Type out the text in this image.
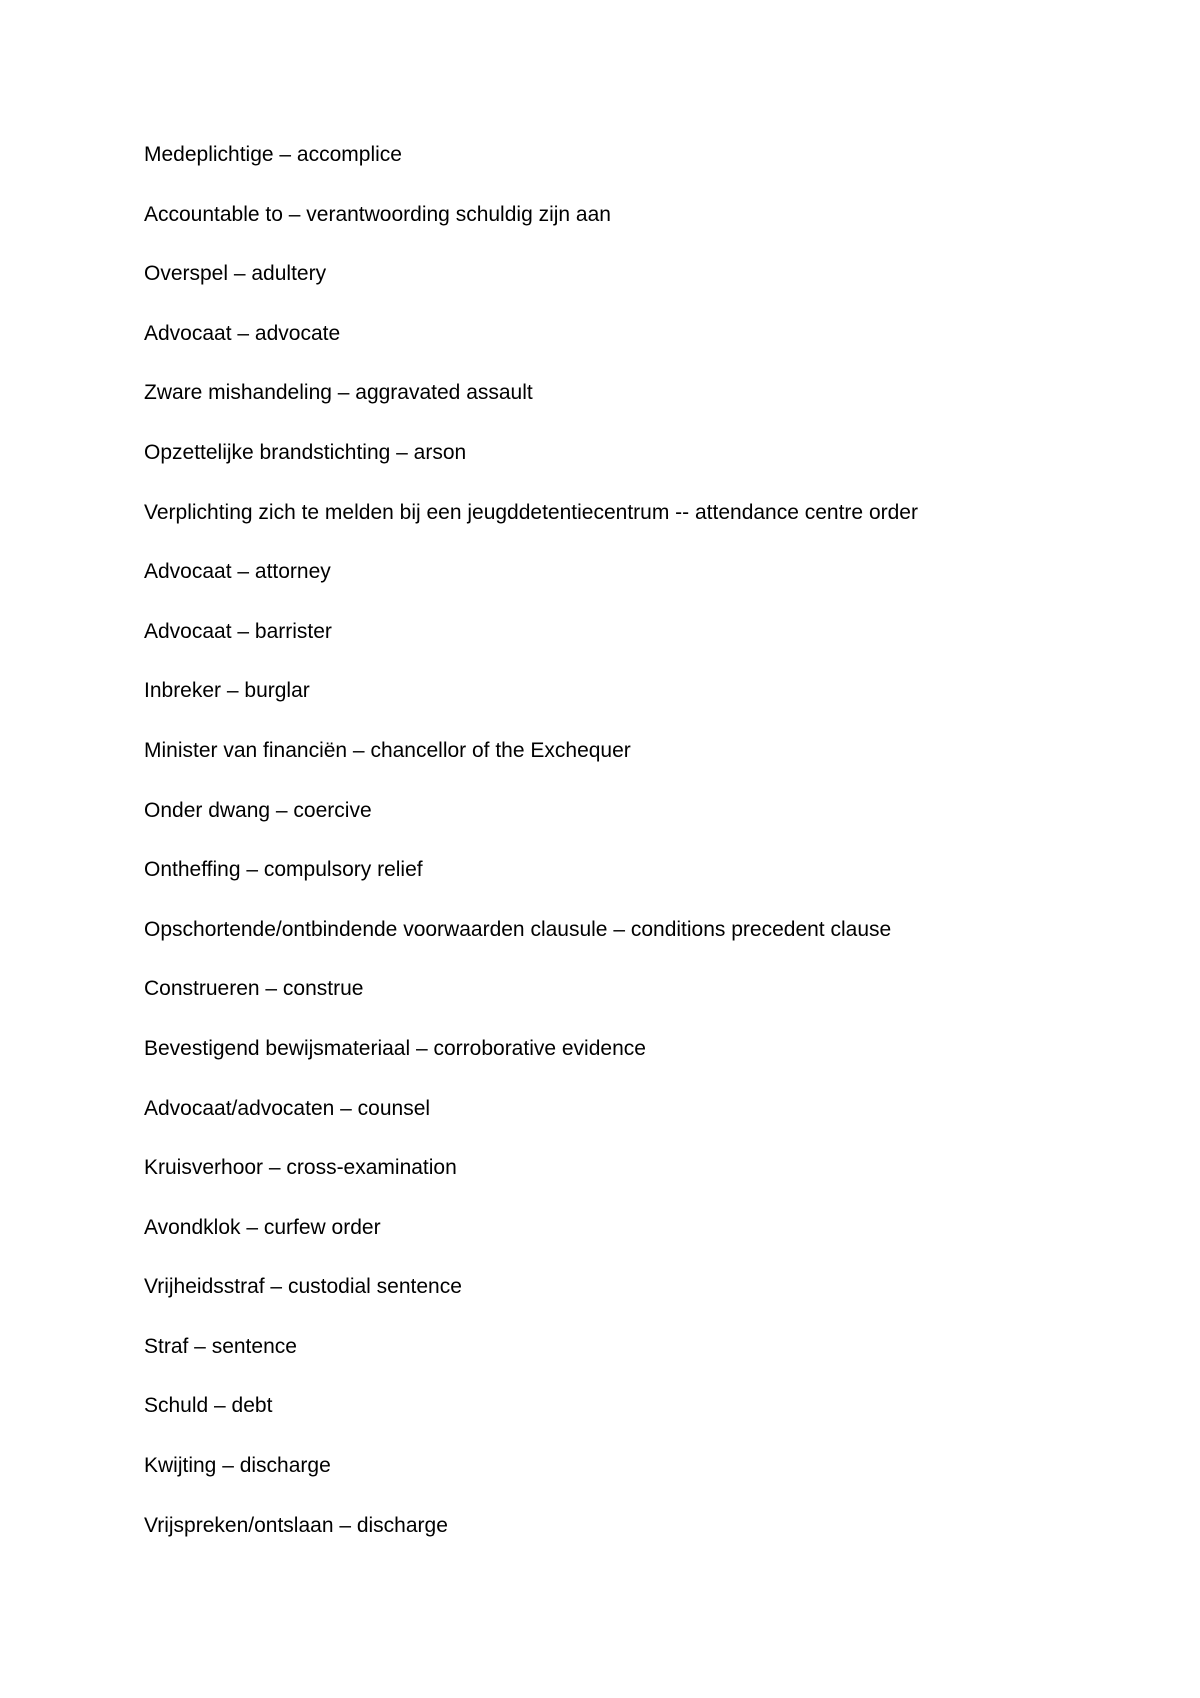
Medeplichtige – accomplice
Accountable to – verantwoording schuldig zijn aan
Overspel – adultery
Advocaat – advocate
Zware mishandeling – aggravated assault
Opzettelijke brandstichting – arson
Verplichting zich te melden bij een jeugddetentiecentrum -- attendance centre order
Advocaat – attorney
Advocaat – barrister
Inbreker – burglar
Minister van financiën – chancellor of the Exchequer
Onder dwang – coercive
Ontheffing – compulsory relief
Opschortende/ontbindende voorwaarden clausule – conditions precedent clause
Construeren – construe
Bevestigend bewijsmateriaal – corroborative evidence
Advocaat/advocaten – counsel
Kruisverhoor – cross-examination
Avondklok – curfew order
Vrijheidsstraf – custodial sentence
Straf – sentence
Schuld – debt
Kwijting – discharge
Vrijspreken/ontslaan – discharge
